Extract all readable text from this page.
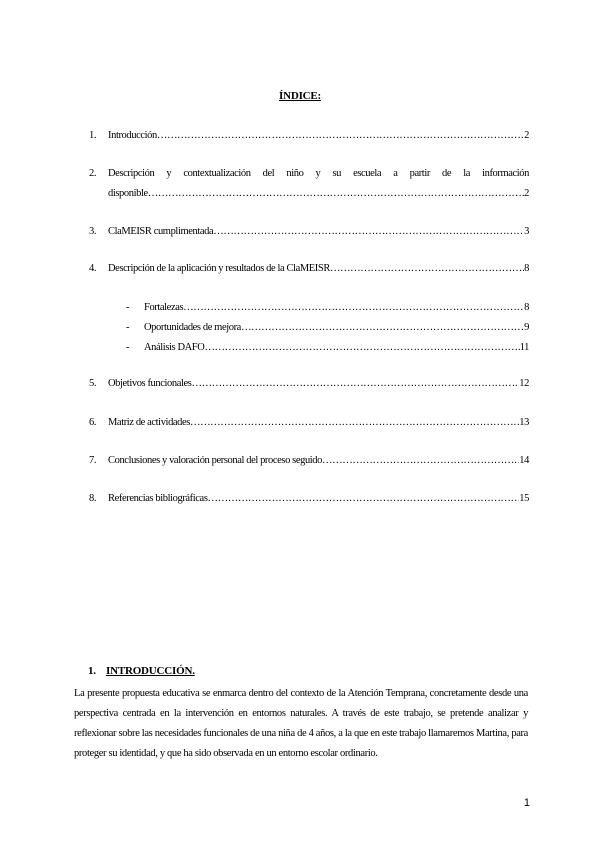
ÍNDICE:
1.	Introducción ……………………………………………………………………………………………………………………………………………………………	2
2.	Descripción y contextualización del niño y su escuela a partir de la información
disponible ……………………………………………………………………………………………………………………………………………………………	2
3.	ClaMEISR cumplimentada ……………………………………………………………………………………………………………………………………………………………	3
4.	Descripción de la aplicación y resultados de la ClaMEISR ……………………………………………………………………………………………………………………………………………………………	8
-	Fortalezas ……………………………………………………………………………………………………………………………………………………………	8
-	Oportunidades de mejora ……………………………………………………………………………………………………………………………………………………………	9
-	Análisis DAFO ……………………………………………………………………………………………………………………………………………………………	11
5.	Objetivos funcionales ……………………………………………………………………………………………………………………………………………………………	12
6.	Matriz de actividades ……………………………………………………………………………………………………………………………………………………………	13
7.	Conclusiones y valoración personal del proceso seguido ……………………………………………………………………………………………………………………………………………………………	14
8.	Referencias bibliográficas ……………………………………………………………………………………………………………………………………………………………	15
1. INTRODUCCIÓN.
La presente propuesta educativa se enmarca dentro del contexto de la Atención Temprana, concretamente desde una perspectiva centrada en la intervención en entornos naturales. A través de este trabajo, se pretende analizar y reflexionar sobre las necesidades funcionales de una niña de 4 años, a la que en este trabajo llamaremos Martina, para proteger su identidad, y que ha sido observada en un entorno escolar ordinario.
1
